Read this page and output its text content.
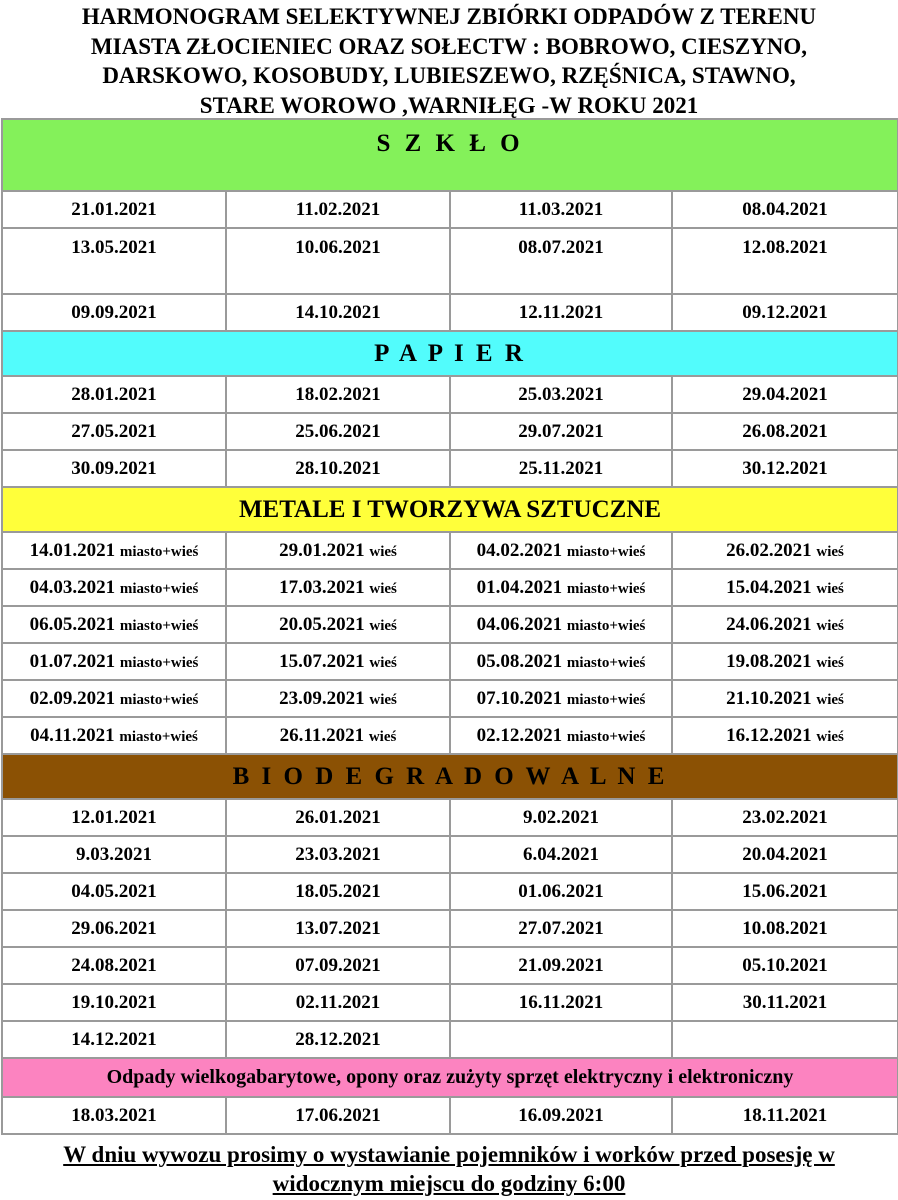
HARMONOGRAM SELEKTYWNEJ ZBIÓRKI ODPADÓW Z TERENU
MIASTA ZŁOCIENIEC ORAZ SOŁECTW : BOBROWO, CIESZYNO,
DARSKOWO, KOSOBUDY, LUBIESZEWO, RZĘŚNICA, STAWNO,
STARE WOROWO ,WARNIŁĘG -W ROKU 2021
S Z K Ł O			
21.01.2021	11.02.2021	11.03.2021	08.04.2021
13.05.2021	10.06.2021	08.07.2021	12.08.2021
09.09.2021	14.10.2021	12.11.2021	09.12.2021
P A P I E R			
28.01.2021	18.02.2021	25.03.2021	29.04.2021
27.05.2021	25.06.2021	29.07.2021	26.08.2021
30.09.2021	28.10.2021	25.11.2021	30.12.2021
METALE I TWORZYWA SZTUCZNE			
14.01.2021 miasto+wieś	29.01.2021 wieś	04.02.2021 miasto+wieś	26.02.2021 wieś
04.03.2021 miasto+wieś	17.03.2021 wieś	01.04.2021 miasto+wieś	15.04.2021 wieś
06.05.2021 miasto+wieś	20.05.2021 wieś	04.06.2021 miasto+wieś	24.06.2021 wieś
01.07.2021 miasto+wieś	15.07.2021 wieś	05.08.2021 miasto+wieś	19.08.2021 wieś
02.09.2021 miasto+wieś	23.09.2021 wieś	07.10.2021 miasto+wieś	21.10.2021 wieś
04.11.2021 miasto+wieś	26.11.2021 wieś	02.12.2021 miasto+wieś	16.12.2021 wieś
B I O D E G R A D O W A L N E			
12.01.2021	26.01.2021	9.02.2021	23.02.2021
9.03.2021	23.03.2021	6.04.2021	20.04.2021
04.05.2021	18.05.2021	01.06.2021	15.06.2021
29.06.2021	13.07.2021	27.07.2021	10.08.2021
24.08.2021	07.09.2021	21.09.2021	05.10.2021
19.10.2021	02.11.2021	16.11.2021	30.11.2021
14.12.2021	28.12.2021		
Odpady wielkogabarytowe, opony oraz zużyty sprzęt elektryczny i elektroniczny			
18.03.2021	17.06.2021	16.09.2021	18.11.2021
W dniu wywozu prosimy o wystawianie pojemników i worków przed posesję w
widocznym miejscu do godziny 6:00
